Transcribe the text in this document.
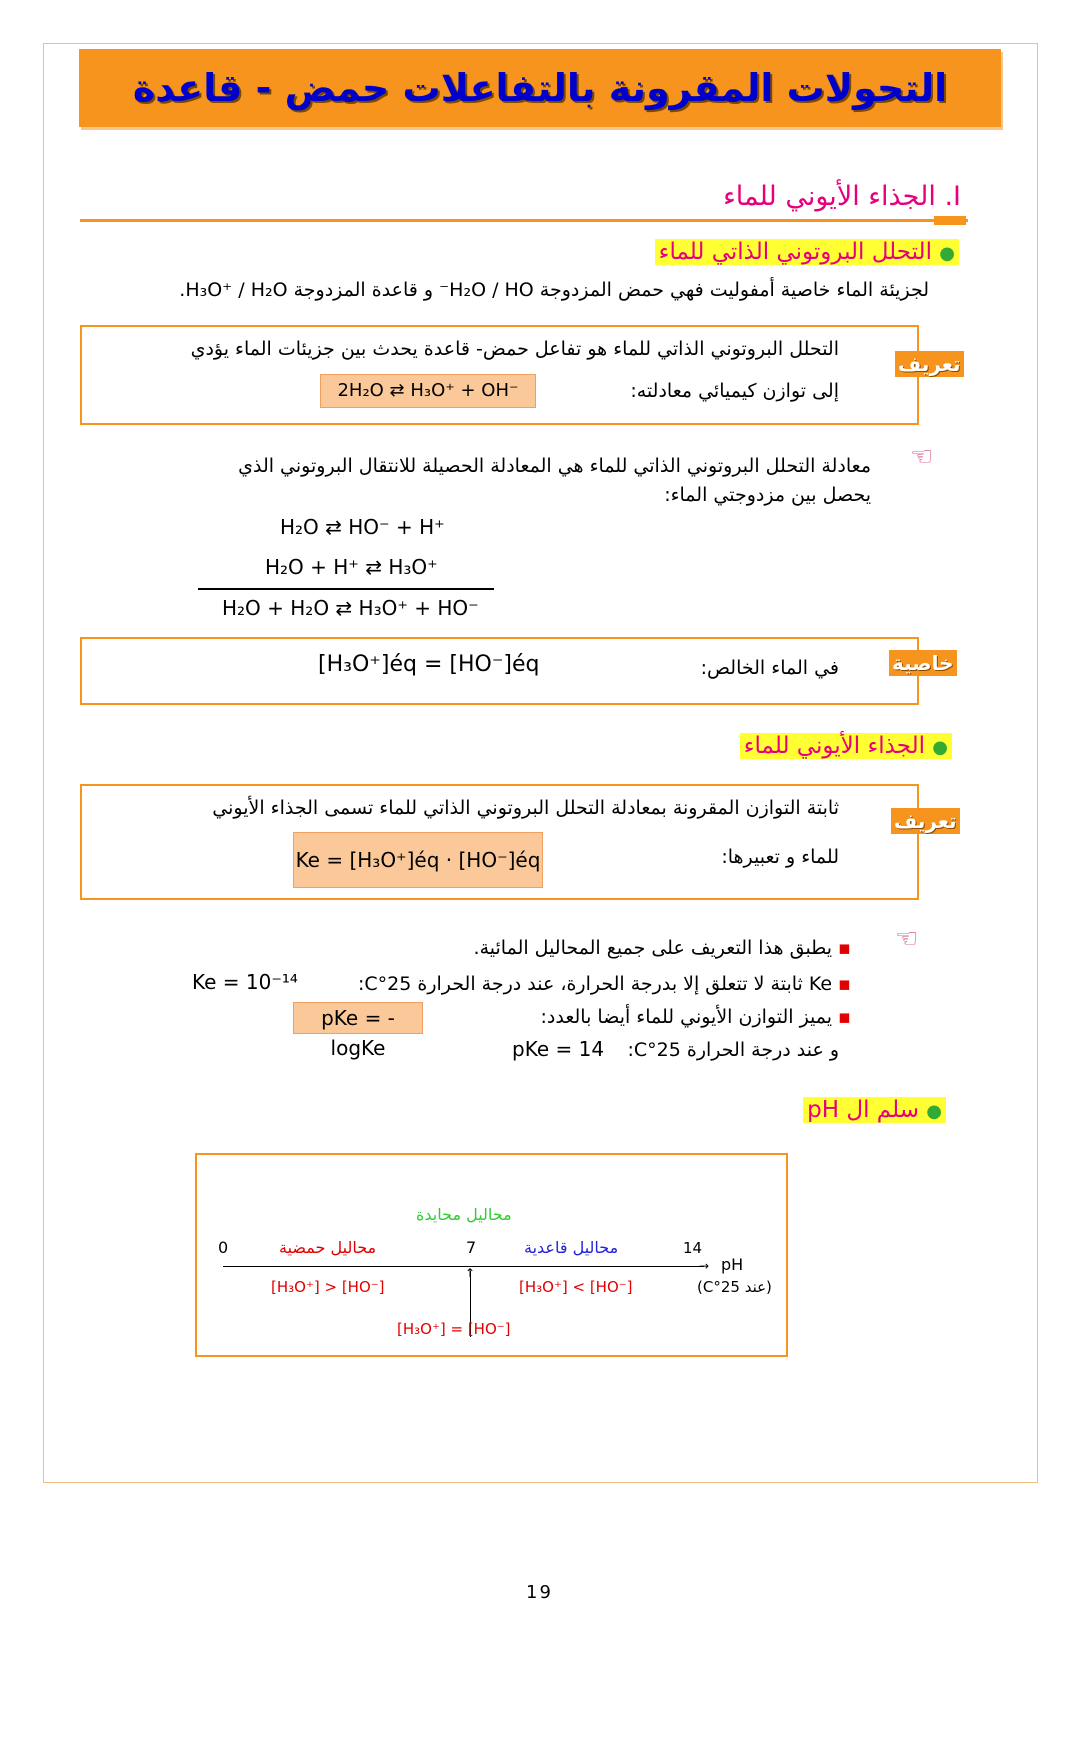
التحولات المقرونة بالتفاعلات حمض - قاعدة
I. الجذاء الأيوني للماء
● التحلل البروتوني الذاتي للماء
لجزيئة الماء خاصية أمفوليت فهي حمض المزدوجة H₂O / HO⁻ و قاعدة المزدوجة H₃O⁺ / H₂O.
تعريف
التحلل البروتوني الذاتي للماء هو تفاعل حمض- قاعدة يحدث بين جزيئات الماء يؤدي
إلى توازن كيميائي معادلته:
2H₂O ⇄ H₃O⁺ + OH⁻
☜
معادلة التحلل البروتوني الذاتي للماء هي المعادلة الحصيلة للانتقال البروتوني الذي
يحصل بين مزدوجتي الماء:
H₂O ⇄ HO⁻ + H⁺
H₂O + H⁺ ⇄ H₃O⁺
H₂O + H₂O ⇄ H₃O⁺ + HO⁻
خاصية
في الماء الخالص:
[H₃O⁺]éq = [HO⁻]éq
● الجذاء الأيوني للماء
تعريف
ثابتة التوازن المقرونة بمعادلة التحلل البروتوني الذاتي للماء تسمى الجذاء الأيوني
للماء و تعبيرها:
Ke = [H₃O⁺]éq · [HO⁻]éq
☜
▪ يطبق هذا التعريف على جميع المحاليل المائية.
▪ Ke ثابتة لا تتعلق إلا بدرجة الحرارة، عند درجة الحرارة 25°C:
Ke = 10⁻¹⁴
▪ يميز التوازن الأيوني للماء أيضا بالعدد:
pKe = - logKe	و عند درجة الحرارة 25°C:
pKe = 14
● سلم ال pH
محاليل محايدة
0	محاليل حمضية	7	محاليل قاعدية	14
→ pH
↑
[H₃O⁺] > [HO⁻]	[H₃O⁺] < [HO⁻]	(عند 25°C)
[H₃O⁺] = [HO⁻]
19
